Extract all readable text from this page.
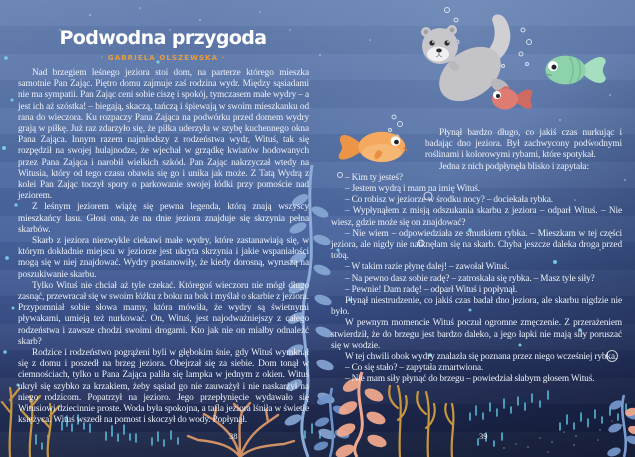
Podwodna przygoda
· GABRIELA OLSZEWSKA ·

Nad brzegiem leśnego jeziora stoi dom, na parterze którego mieszka samotnie Pan Zając. Piętro domu zajmuje zaś rodzina wydr. Między sąsiadami nie ma sympatii. Pan Zając ceni sobie ciszę i spokój, tymczasem małe wydry – a jest ich aż szóstka! – biegają, skaczą, tańczą i śpiewają w swoim mieszkanku od rana do wieczora. Ku rozpaczy Pana Zająca na podwórku przed domem wydry grają w piłkę. Już raz zdarzyło się, że piłka uderzyła w szybę kuchennego okna Pana Zająca. Innym razem najmłodszy z rodzeństwa wydr, Wituś, tak się rozpędził na swojej hulajnodze, że wjechał w grządkę kwiatów hodowanych przez Pana Zająca i narobił wielkich szkód. Pan Zając nakrzyczał wtedy na Witusia, który od tego czasu obawia się go i unika jak może. Z Tatą Wydrą z kolei Pan Zając toczył spory o parkowanie swojej łódki przy pomoście nad jeziorem.

Z leśnym jeziorem wiążę się pewna legenda, którą znają wszyscy mieszkańcy lasu. Głosi ona, że na dnie jeziora znajduje się skrzynia pełna skarbów.

Skarb z jeziora niezwykle ciekawi małe wydry, które zastanawiają się, w którym dokładnie miejscu w jeziorze jest ukryta skrzynia i jakie wspaniałości mogą się w niej znajdować. Wydry postanowiły, że kiedy dorosną, wyruszą na poszukiwanie skarbu.

Tylko Wituś nie chciał aż tyle czekać. Któregoś wieczoru nie mógł długo zasnąć, przewracał się w swoim łóżku z boku na bok i myślał o skarbie z jeziora. Przypomniał sobie słowa mamy, która mówiła, że wydry są świetnymi pływakami, umieją też nurkować. On, Wituś, jest najodważniejszy z całego rodzeństwa i zawsze chodzi swoimi drogami. Kto jak nie on miałby odnaleźć skarb?

Rodzice i rodzeństwo pogrążeni byli w głębokim śnie, gdy Wituś wymknął się z domu i poszedł na brzeg jeziora. Obejrzał się za siebie. Dom tonął w ciemnościach, tylko u Pana Zająca paliła się lampka w jednym z okien. Wituś ukrył się szybko za krzakiem, żeby sąsiad go nie zauważył i nie naskarżył na niego rodzicom. Popatrzył na jezioro. Jego przepłynięcie wydawało się Witusiowi dziecinnie proste. Woda była spokojna, a tafla jeziora lśniła w świetle księżyca. Wituś wszedł na pomost i skoczył do wody. Popłynął.

Płynął bardzo długo, co jakiś czas nurkując i badając dno jeziora. Był zachwycony podwodnymi roślinami i kolorowymi rybami, które spotykał.

Jedna z nich podpłynęła blisko i zapytała:

– Kim ty jesteś?

– Jestem wydrą i mam na imię Wituś.

– Co robisz w jeziorze w środku nocy? – dociekała rybka.

– Wypłynąłem z misją odszukania skarbu z jeziora – odparł Wituś. – Nie wiesz, gdzie może się on znajdować?

– Nie wiem – odpowiedziała ze smutkiem rybka. – Mieszkam w tej części jeziora, ale nigdy nie natknęłam się na skarb. Chyba jeszcze daleka droga przed tobą.

– W takim razie płynę dalej! – zawołał Wituś.

– Na pewno dasz sobie radę? – zatroskała się rybka. – Masz tyle siły?

– Pewnie! Dam radę! – odparł Wituś i popłynął.

Płynął niestrudzenie, co jakiś czas badał dno jeziora, ale skarbu nigdzie nie było.

W pewnym momencie Wituś poczuł ogromne zmęczenie. Z przerażeniem stwierdził, że do brzegu jest bardzo daleko, a jego łapki nie mają siły poruszać się w wodzie.

W tej chwili obok wydry znalazła się poznana przez niego wcześniej rybka.

– Co się stało? – zapytała zmartwiona.

– Nie mam siły płynąć do brzegu – powiedział słabym głosem Wituś.

38	39
